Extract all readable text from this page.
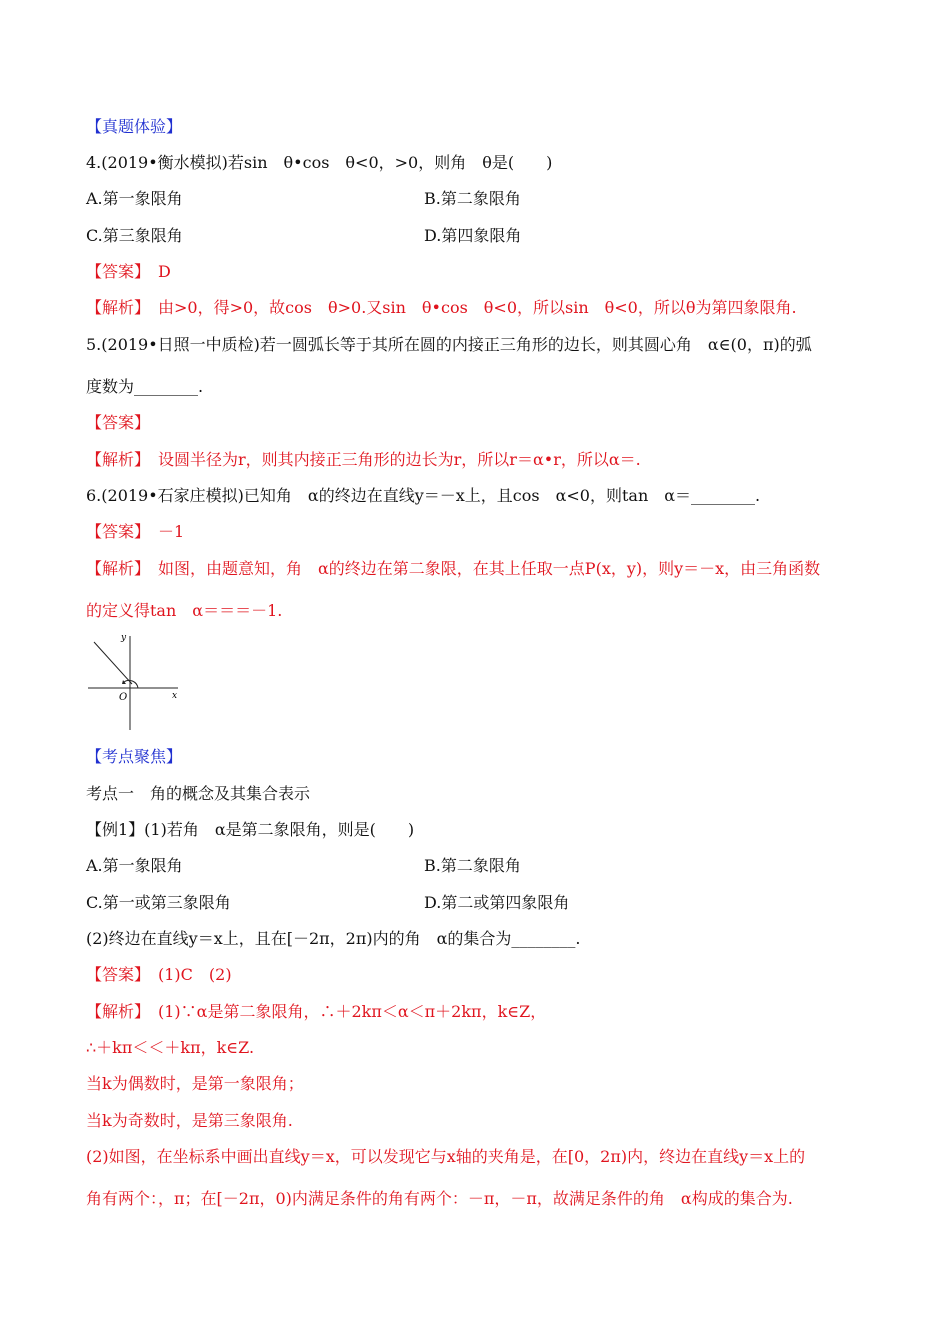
【真题体验】
4.(2019•衡水模拟)若sin　θ•cos　θ<0，>0，则角　θ是(　　)
A.第一象限角	B.第二象限角
C.第三象限角	D.第四象限角
【答案】　D
【解析】　由>0，得>0，故cos　θ>0.又sin　θ•cos　θ<0，所以sin　θ<0，所以θ为第四象限角.
5.(2019•日照一中质检)若一圆弧长等于其所在圆的内接正三角形的边长，则其圆心角　α∈(0，π)的弧
度数为________.
【答案】
【解析】　设圆半径为r，则其内接正三角形的边长为r，所以r＝α•r，所以α＝.
6.(2019•石家庄模拟)已知角　α的终边在直线y＝－x上，且cos　α<0，则tan　α＝________.
【答案】　－1
【解析】　如图，由题意知，角　α的终边在第二象限，在其上任取一点P(x，y)，则y＝－x，由三角函数
的定义得tan　α＝＝＝－1.
y
x
O
【考点聚焦】
考点一　角的概念及其集合表示
【例1】(1)若角　α是第二象限角，则是(　　)
A.第一象限角	B.第二象限角
C.第一或第三象限角	D.第二或第四象限角
(2)终边在直线y＝x上，且在[－2π，2π)内的角　α的集合为________.
【答案】　(1)C　(2)
【解析】　(1)∵α是第二象限角，∴＋2kπ＜α＜π＋2kπ，k∈Z，
∴＋kπ＜＜＋kπ，k∈Z.
当k为偶数时，是第一象限角；
当k为奇数时，是第三象限角.
(2)如图，在坐标系中画出直线y＝x，可以发现它与x轴的夹角是，在[0，2π)内，终边在直线y＝x上的
角有两个：，π；在[－2π，0)内满足条件的角有两个：－π，－π，故满足条件的角　α构成的集合为.
